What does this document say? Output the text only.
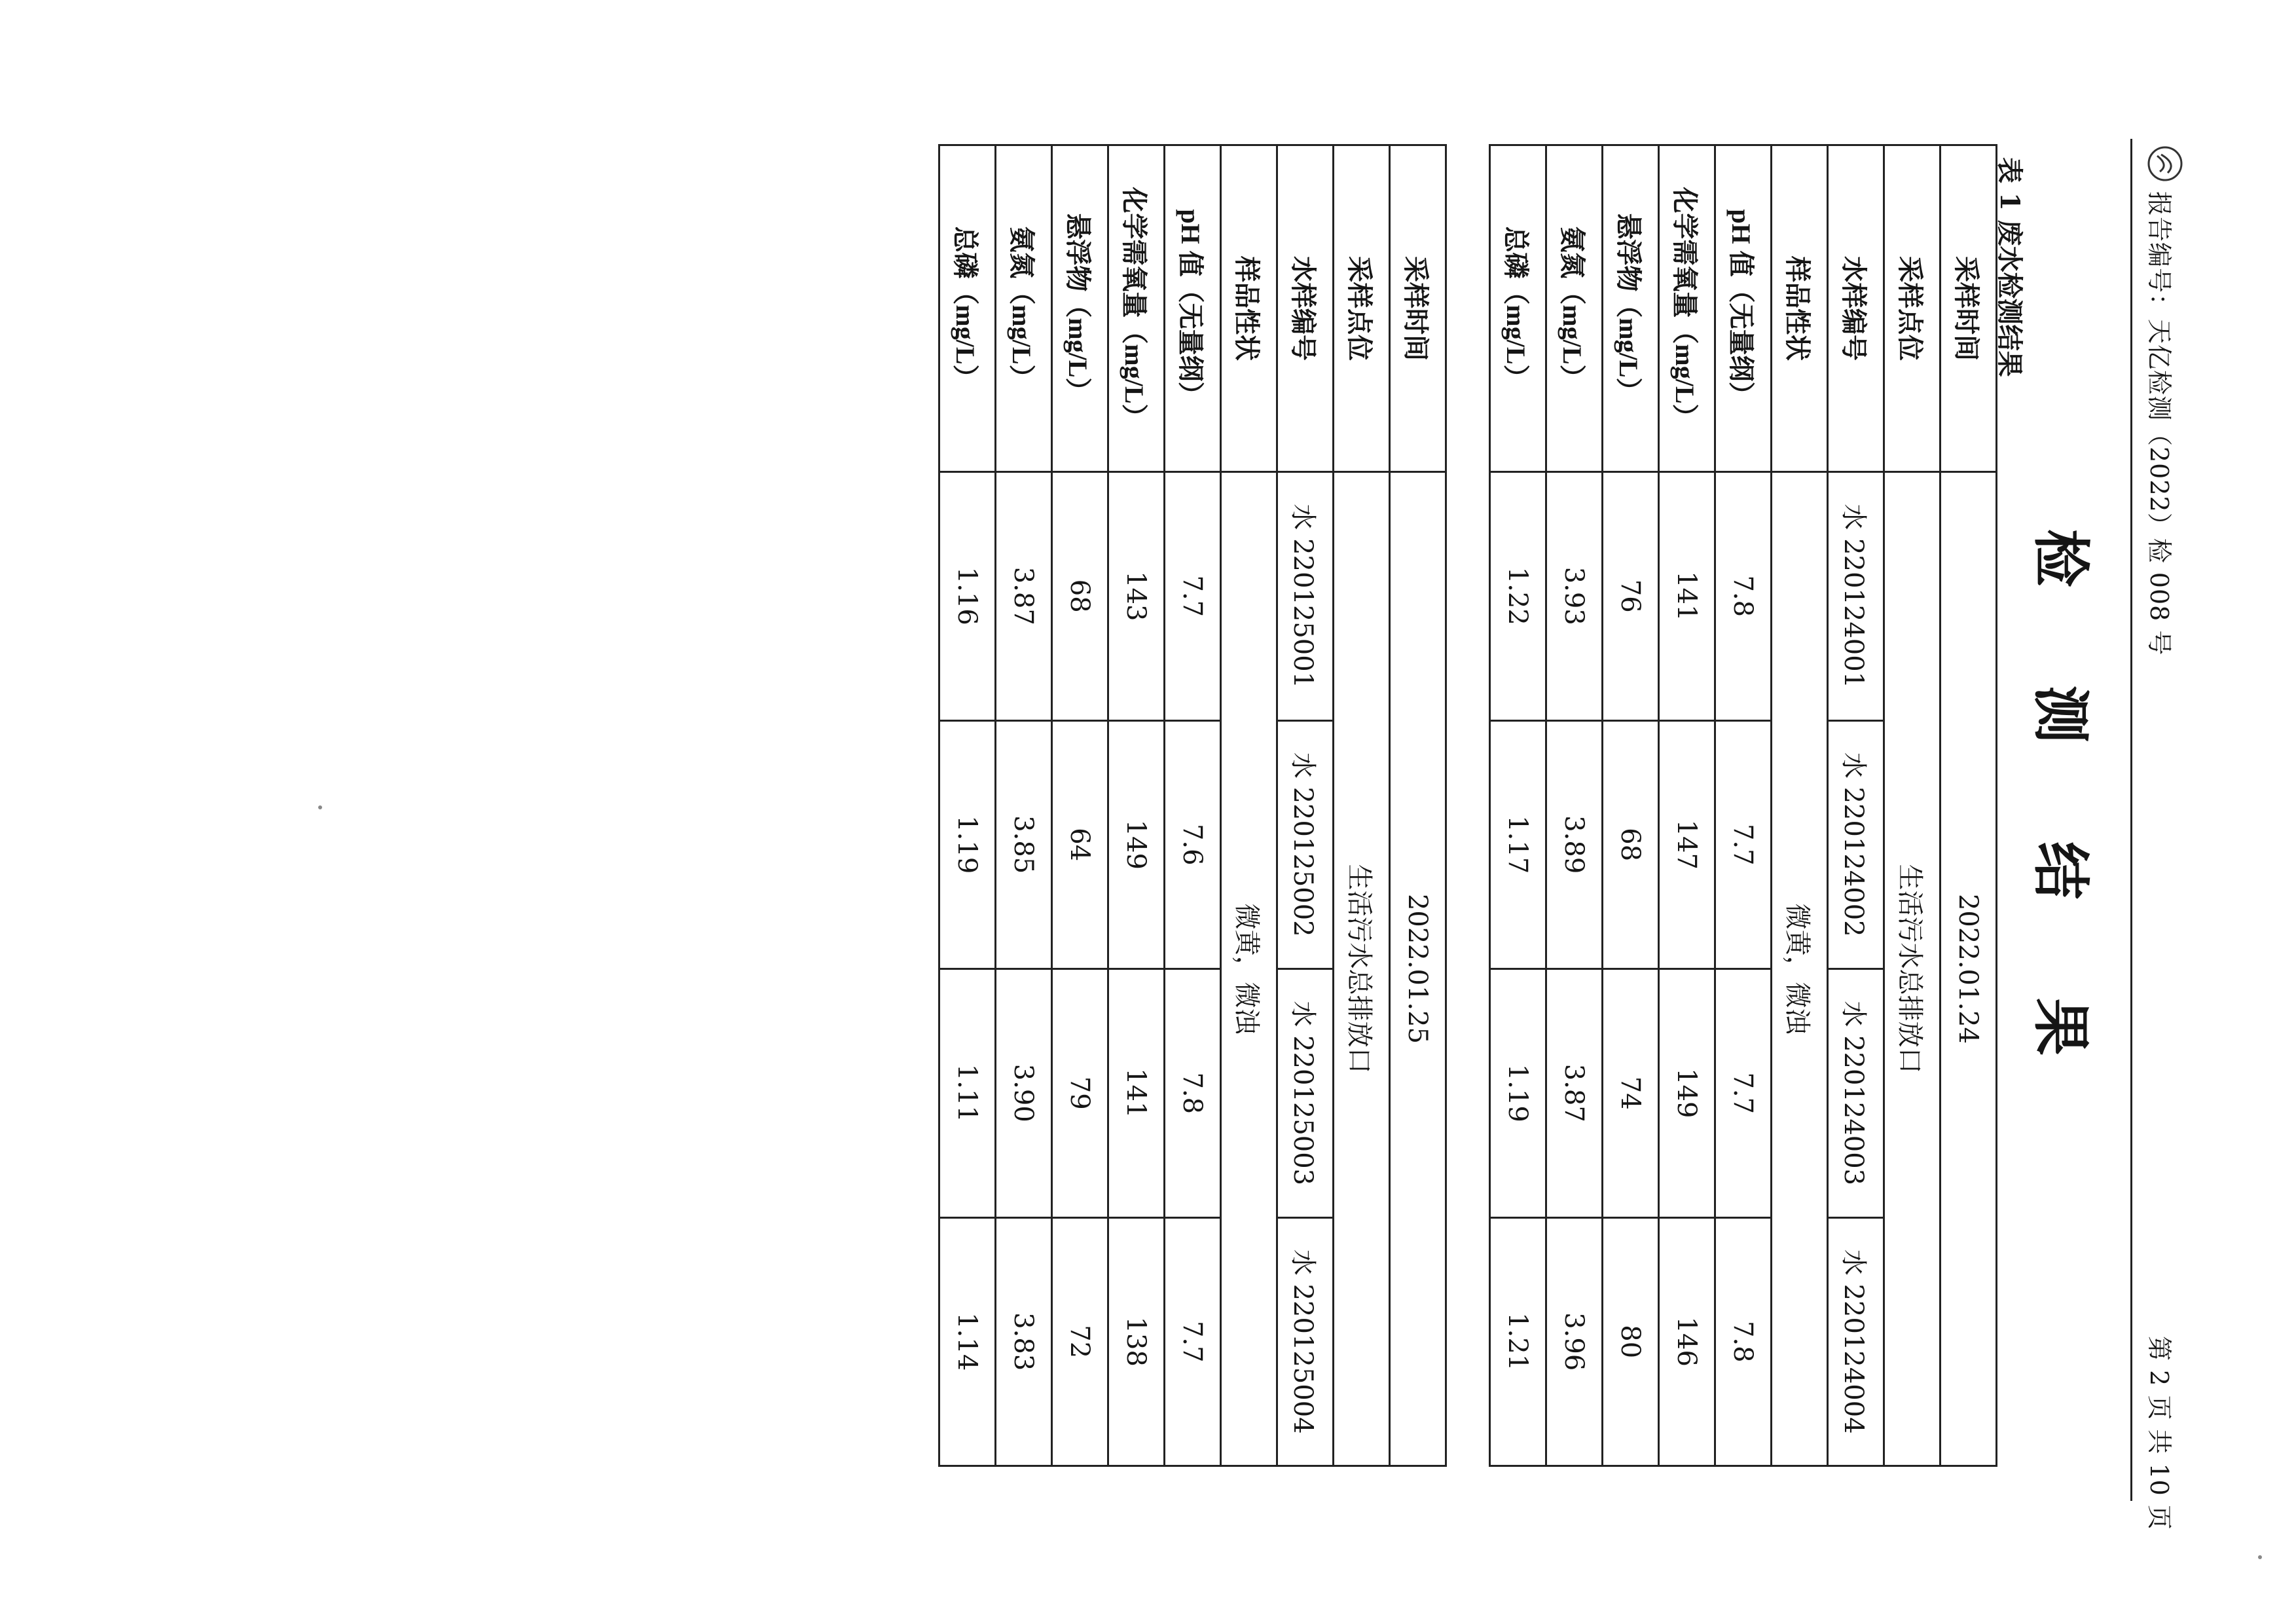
报告编号：天亿检测（2022）检 008 号
第 2 页 共 10 页
检 测 结 果
表 1 废水检测结果
采样时间	2022.01.24			
采样点位	生活污水总排放口			
水样编号	水 220124001	水 220124002	水 220124003	水 220124004
样品性状	微黄，微浊			
pH 值（无量纲）	7.8	7.7	7.7	7.8
化学需氧量（mg/L）	141	147	149	146
悬浮物（mg/L）	76	68	74	80
氨氮（mg/L）	3.93	3.89	3.87	3.96
总磷（mg/L）	1.22	1.17	1.19	1.21
采样时间	2022.01.25			
采样点位	生活污水总排放口			
水样编号	水 220125001	水 220125002	水 220125003	水 220125004
样品性状	微黄，微浊			
pH 值（无量纲）	7.7	7.6	7.8	7.7
化学需氧量（mg/L）	143	149	141	138
悬浮物（mg/L）	68	64	79	72
氨氮（mg/L）	3.87	3.85	3.90	3.83
总磷（mg/L）	1.16	1.19	1.11	1.14
